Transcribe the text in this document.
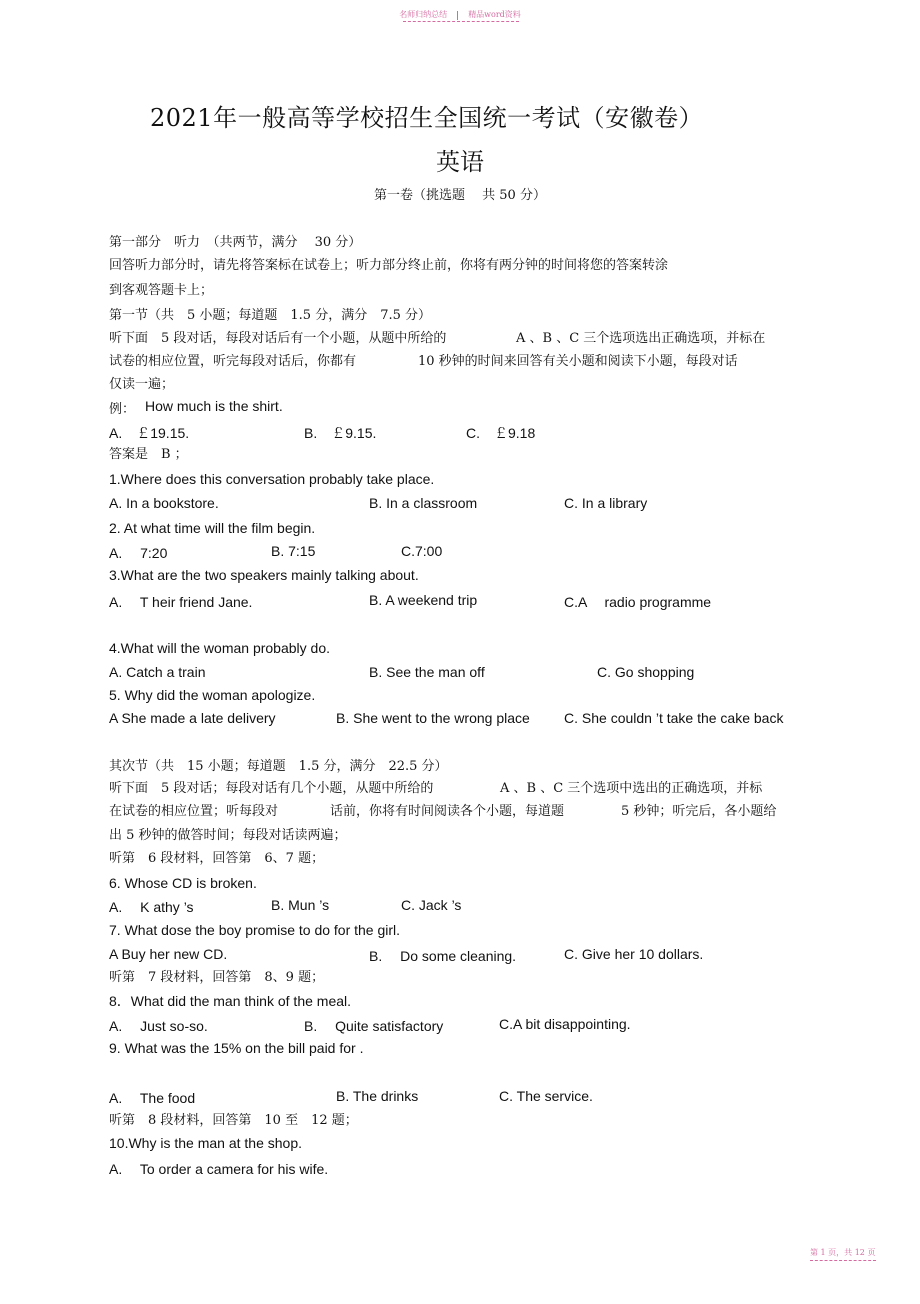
名师归纳总结	精品word资料
2021年一般高等学校招生全国统一考试（安徽卷）
英语
第一卷（挑选题　 共 50 分）
第一部分　听力　（共两节，满分　 30 分）
回答听力部分时，请先将答案标在试卷上；听力部分终止前，你将有两分钟的时间将您的答案转涂
到客观答题卡上；
第一节（共　5 小题；每道题　1.5 分，满分　7.5 分）
听下面　5 段对话，每段对话后有一个小题，从题中所给的	A 、B 、C 三个选项选出正确选项，并标在
试卷的相应位置，听完每段对话后，你都有	10 秒钟的时间来回答有关小题和阅读下小题，每段对话
仅读一遍；
例： How much is the shirt.
A.　￡19.15.	B.　￡9.15.	C.　￡9.18
答案是　B ；
1.Where does this conversation probably take place.
A. In a bookstore.	B. In a classroom	C. In a library
2. At what time will the film begin.
A.　 7:20	B. 7:15	C.7:00
3.What are the two speakers mainly talking about.
A.　 T heir friend Jane.	B. A weekend trip	C.A　 radio programme
4.What will the woman probably do.
A. Catch a train	B. See the man off	C. Go shopping
5. Why did the woman apologize.
A She made a late delivery	B. She went to the wrong place C. She couldn ’t take the cake back
其次节（共　15 小题；每道题　1.5 分，满分　22.5 分）
听下面　5 段对话；每段对话有几个小题，从题中所给的	A 、B 、C 三个选项中选出的正确选项，并标
在试卷的相应位置；听每段对	话前，你将有时间阅读各个小题，每道题	5 秒钟；听完后，各小题给
出 5 秒钟的做答时间；每段对话读两遍；
听第　6 段材料，回答第　6、7 题；
6. Whose CD is broken.
A.　 K athy ’s	B. Mun ’s	C. Jack ’s
7. What dose the boy promise to do for the girl.
A Buy her new CD.	B.　 Do some cleaning.	C. Give her 10 dollars.
听第　7 段材料，回答第　8、9 题；
8．What did the man think of the meal.
A.　 Just so-so.	B.　 Quite satisfactory	C.A bit disappointing.
9. What was the 15% on the bill paid for .
A.　 The food	B. The drinks	C. The service.
听第　8 段材料，回答第　10 至　12 题；
10.Why is the man at the shop.
A.　 To order a camera for his wife.
第 1 页，共 12 页
